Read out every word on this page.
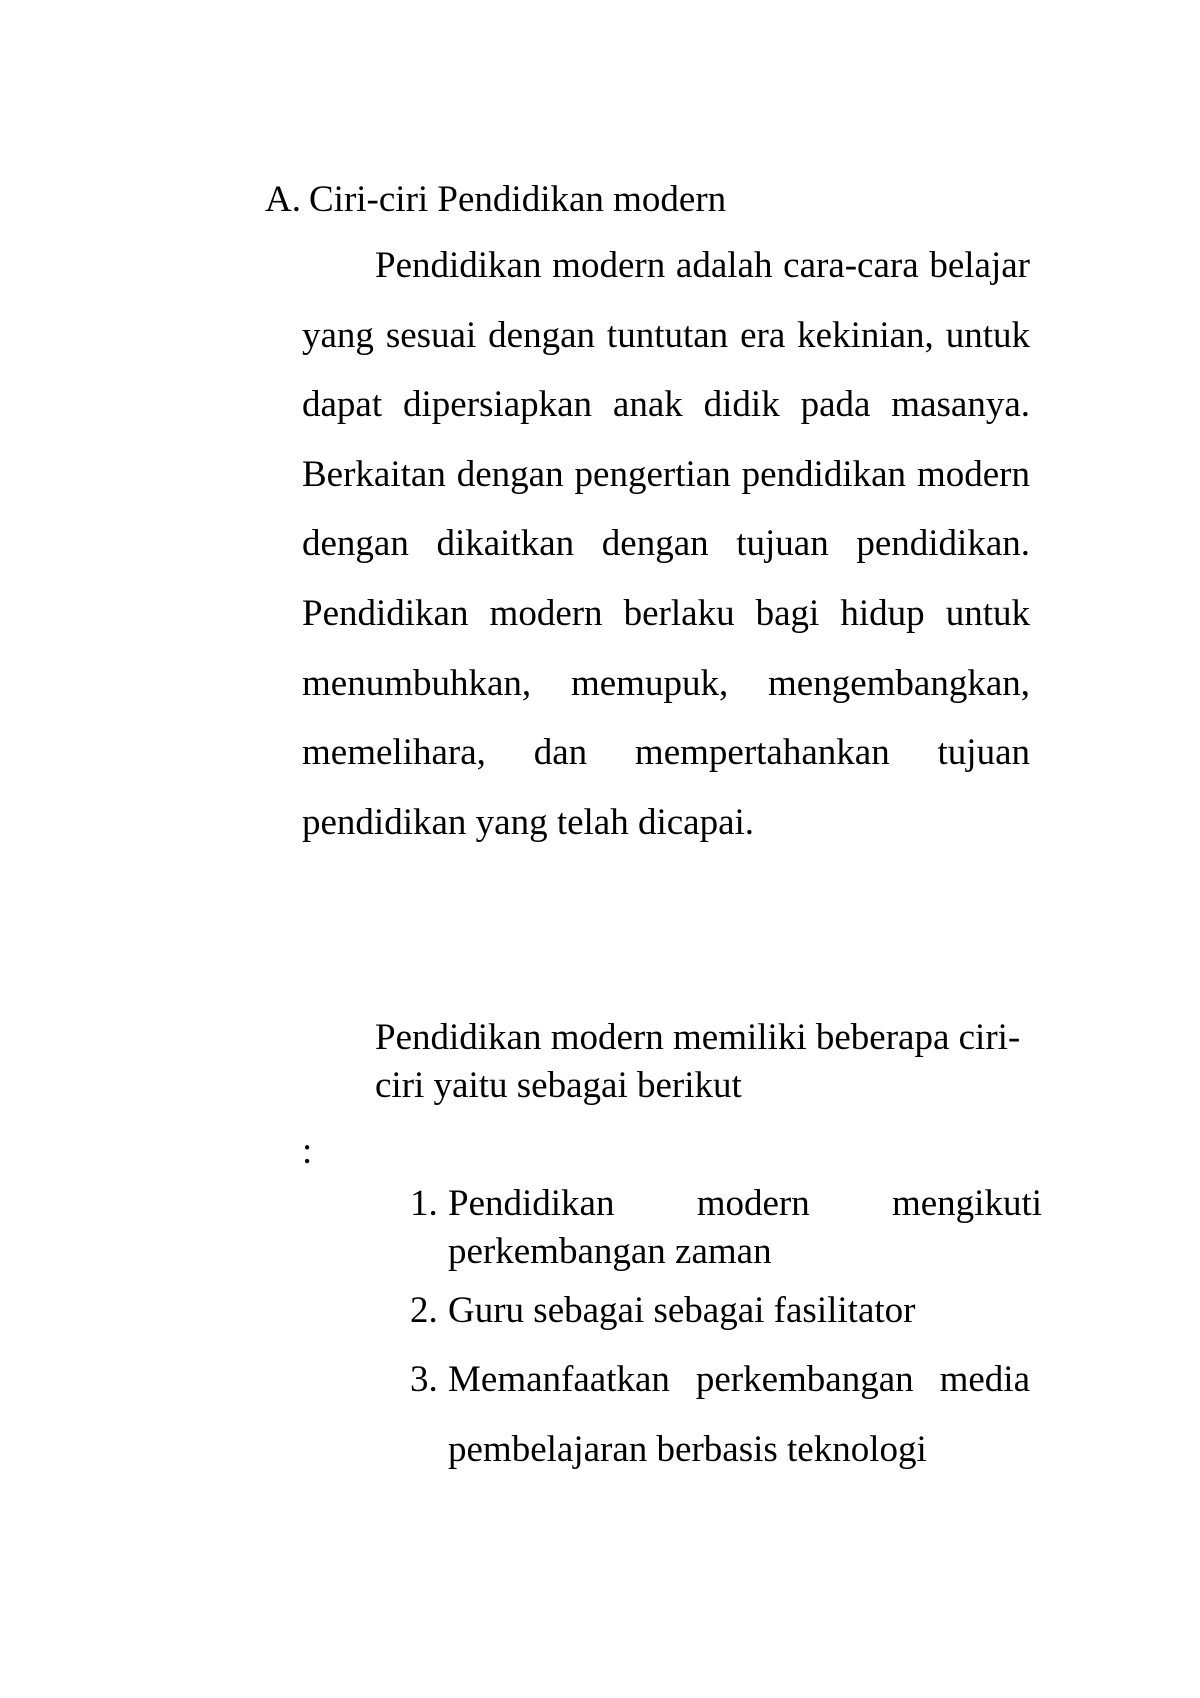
A. Ciri-ciri Pendidikan modern

Pendidikan modern adalah cara-cara belajar yang sesuai dengan tuntutan era kekinian, untuk dapat dipersiapkan anak didik pada masanya. Berkaitan dengan pengertian pendidikan modern dengan dikaitkan dengan tujuan pendidikan. Pendidikan modern berlaku bagi hidup untuk menumbuhkan, memupuk, mengembangkan, memelihara, dan mempertahankan tujuan pendidikan yang telah dicapai.

Pendidikan modern memiliki beberapa ciri-ciri yaitu sebagai berikut

:
1. Pendidikan modern mengikuti perkembangan zaman
2. Guru sebagai sebagai fasilitator
3. Memanfaatkan perkembangan media pembelajaran berbasis teknologi
